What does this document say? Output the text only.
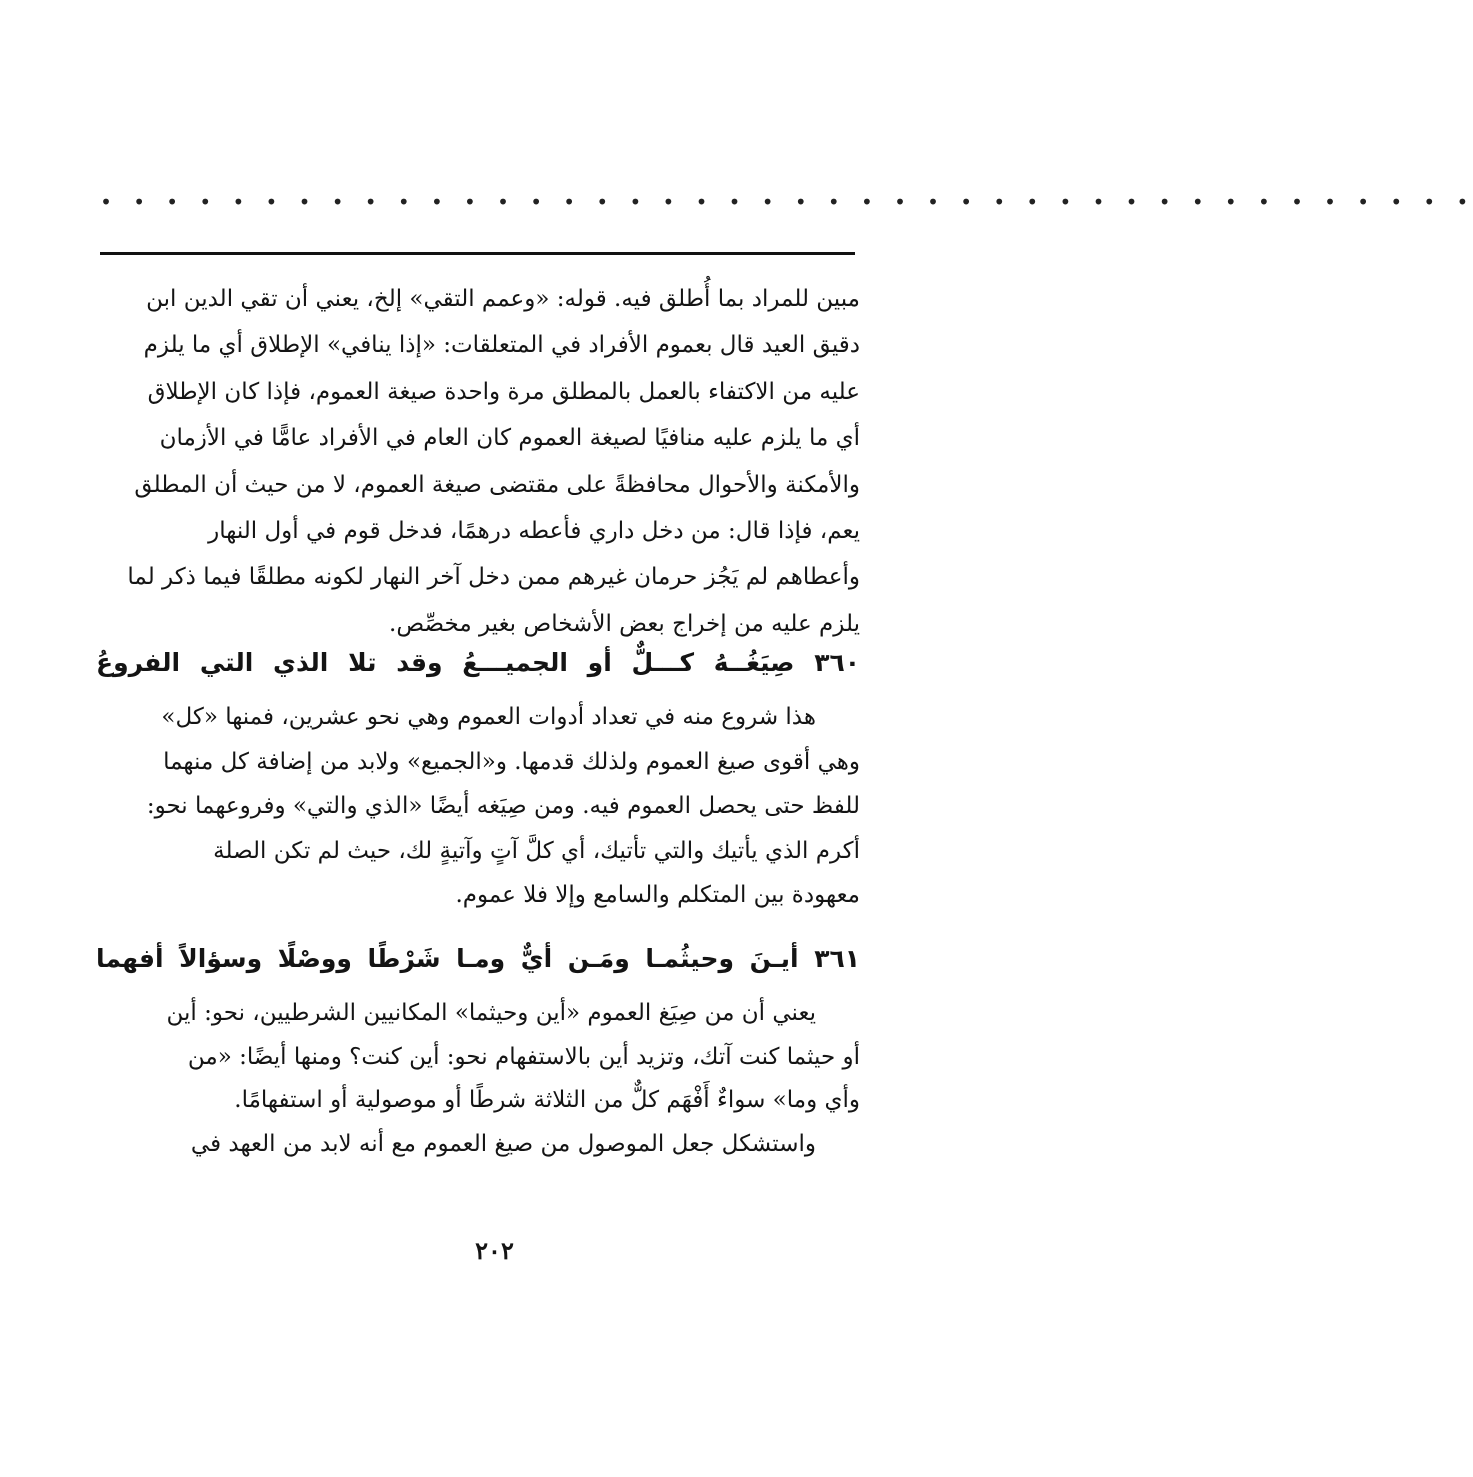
• • • • • • • • • • • • • • • • • • • • • • • • • • • • • • • • • • • • • • • • • •
مبين للمراد بما أُطلق فيه. قوله: «وعمم التقي» إلخ، يعني أن تقي الدين ابن
دقيق العيد قال بعموم الأفراد في المتعلقات: «إذا ينافي» الإطلاق أي ما يلزم
عليه من الاكتفاء بالعمل بالمطلق مرة واحدة صيغة العموم، فإذا كان الإطلاق
أي ما يلزم عليه منافيًا لصيغة العموم كان العام في الأفراد عامًّا في الأزمان
والأمكنة والأحوال محافظةً على مقتضى صيغة العموم، لا من حيث أن المطلق
يعم، فإذا قال: من دخل داري فأعطه درهمًا، فدخل قوم في أول النهار
وأعطاهم لم يَجُز حرمان غيرهم ممن دخل آخر النهار لكونه مطلقًا فيما ذكر لما
يلزم عليه من إخراج بعض الأشخاص بغير مخصِّص.
٣٦٠ صِيَغُــهُ كـــلٌّ أو الجميـــعُ وقد تلا الذي التي الفروعُ
هذا شروع منه في تعداد أدوات العموم وهي نحو عشرين، فمنها «كل»
وهي أقوى صيغ العموم ولذلك قدمها. و«الجميع» ولابد من إضافة كل منهما
للفظ حتى يحصل العموم فيه. ومن صِيَغه أيضًا «الذي والتي» وفروعهما نحو:
أكرم الذي يأتيك والتي تأتيك، أي كلَّ آتٍ وآتيةٍ لك، حيث لم تكن الصلة
معهودة بين المتكلم والسامع وإلا فلا عموم.
٣٦١ أيـنَ وحيثُمـا ومَـن أيٌّ ومـا شَرْطًا ووصْلًا وسؤالاً أفهما
يعني أن من صِيَغ العموم «أين وحيثما» المكانيين الشرطيين، نحو: أين
أو حيثما كنت آتك، وتزيد أين بالاستفهام نحو: أين كنت؟ ومنها أيضًا: «من
وأي وما» سواءٌ أَفْهَم كلٌّ من الثلاثة شرطًا أو موصولية أو استفهامًا.
واستشكل جعل الموصول من صيغ العموم مع أنه لابد من العهد في
٢٠٢
